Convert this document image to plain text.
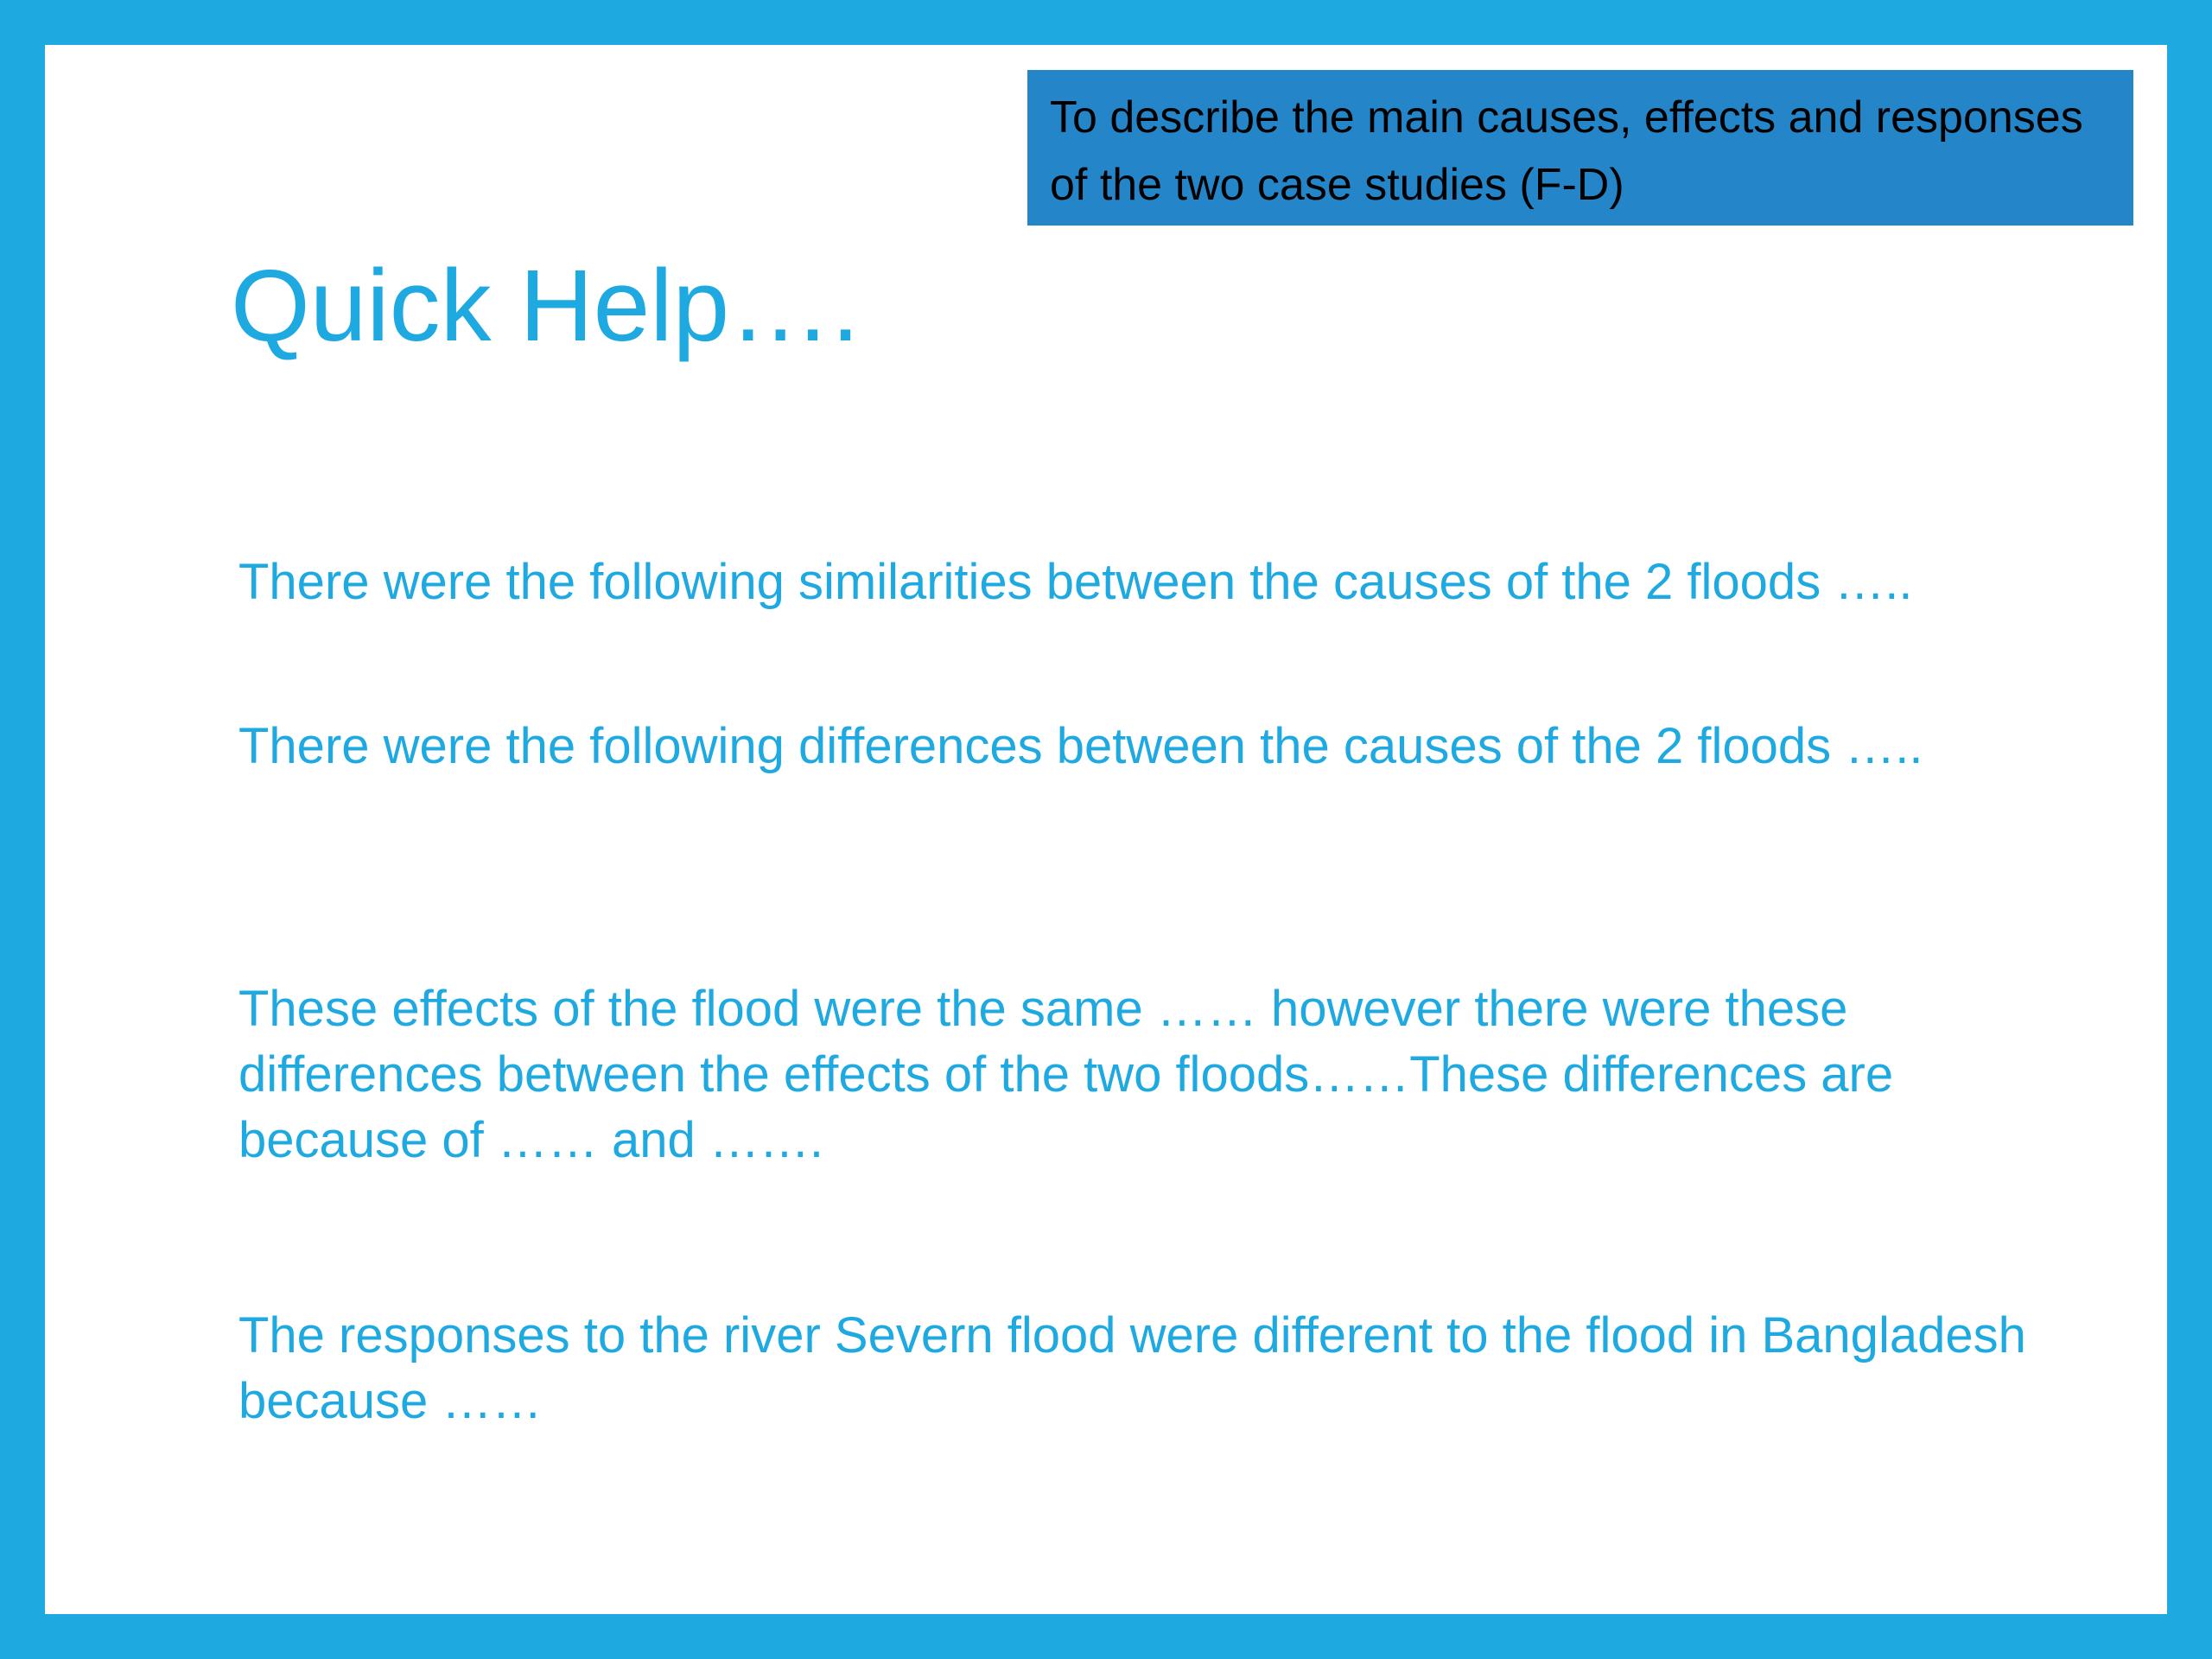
To describe the main causes, effects and responses of the two case studies (F-D)
Quick Help….

There were the following similarities between the causes of the 2 floods …..

There were the following differences between the causes of the 2 floods …..

These effects of the flood were the same …… however there were these differences between the effects of the two floods……These differences are because of …… and …….

The responses to the river Severn flood were different to the flood in Bangladesh because ……
